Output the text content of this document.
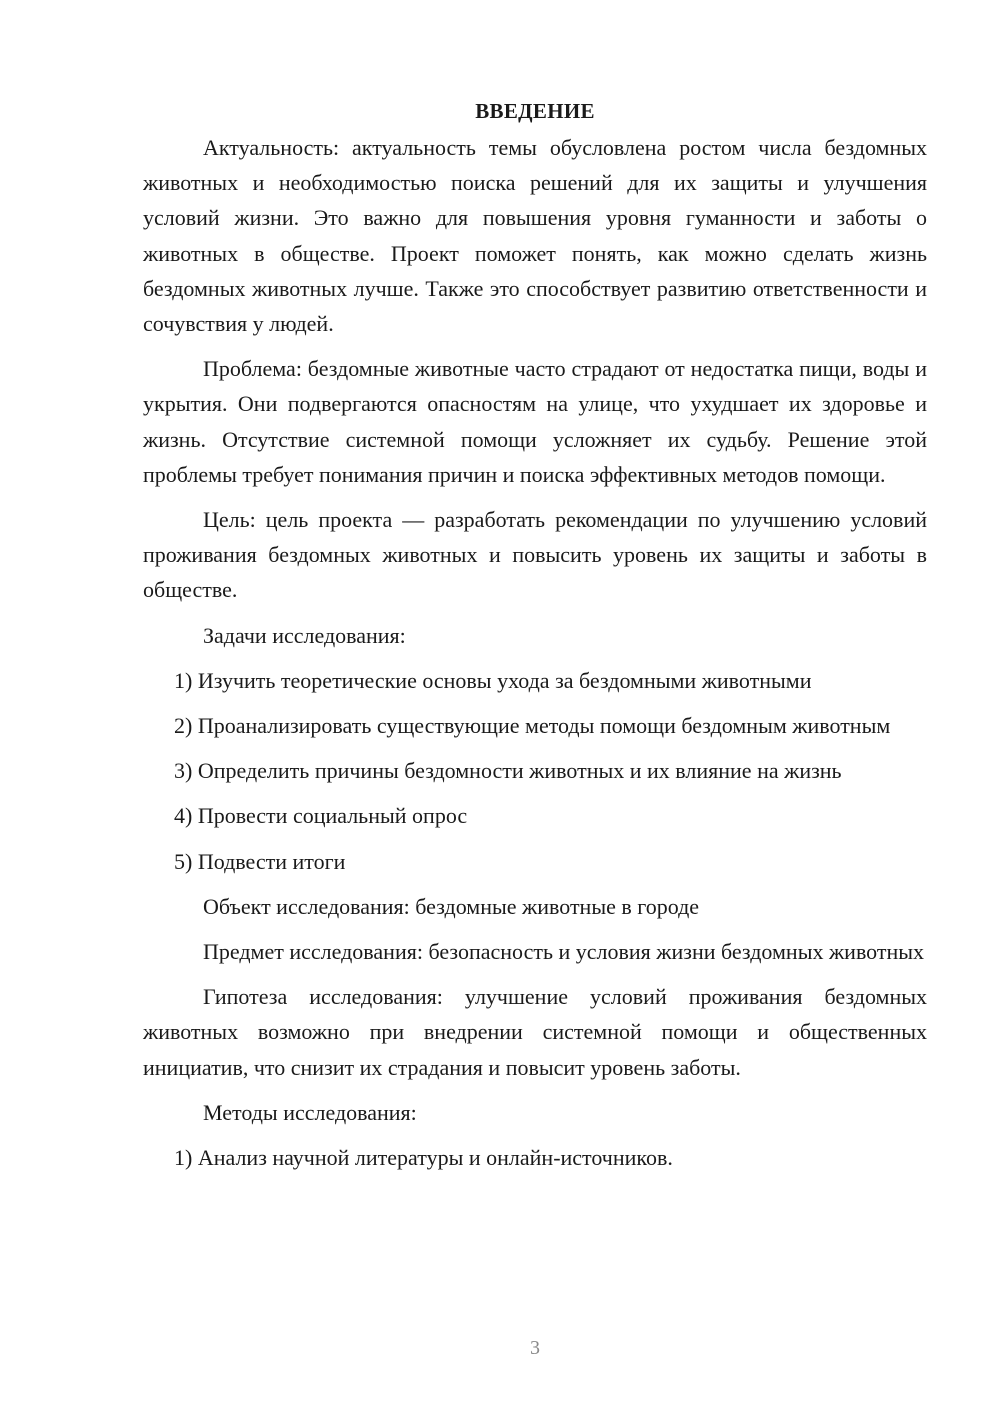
ВВЕДЕНИЕ

Актуальность: актуальность темы обусловлена ростом числа бездомных животных и необходимостью поиска решений для их защиты и улучшения условий жизни. Это важно для повышения уровня гуманности и заботы о животных в обществе. Проект поможет понять, как можно сделать жизнь бездомных животных лучше. Также это способствует развитию ответственности и сочувствия у людей.

Проблема: бездомные животные часто страдают от недостатка пищи, воды и укрытия. Они подвергаются опасностям на улице, что ухудшает их здоровье и жизнь. Отсутствие системной помощи усложняет их судьбу. Решение этой проблемы требует понимания причин и поиска эффективных методов помощи.

Цель: цель проекта — разработать рекомендации по улучшению условий проживания бездомных животных и повысить уровень их защиты и заботы в обществе.

Задачи исследования:

1) Изучить теоретические основы ухода за бездомными животными

2) Проанализировать существующие методы помощи бездомным животным

3) Определить причины бездомности животных и их влияние на жизнь

4) Провести социальный опрос

5) Подвести итоги

Объект исследования: бездомные животные в городе

Предмет исследования: безопасность и условия жизни бездомных животных

Гипотеза исследования: улучшение условий проживания бездомных животных возможно при внедрении системной помощи и общественных инициатив, что снизит их страдания и повысит уровень заботы.

Методы исследования:

1) Анализ научной литературы и онлайн-источников.

3
